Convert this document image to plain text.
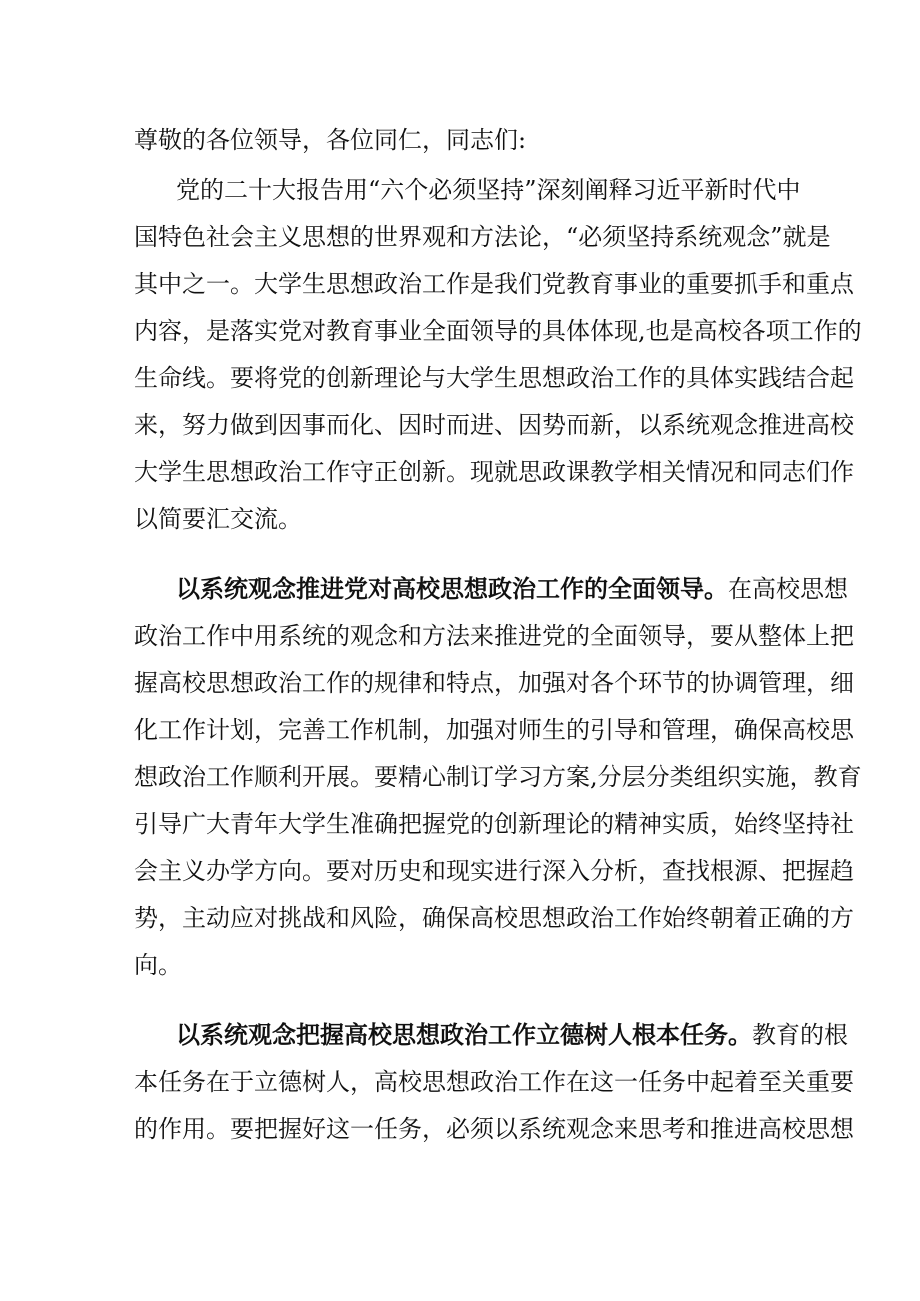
尊敬的各位领导，各位同仁，同志们:
党的二十大报告用“六个必须坚持”深刻阐释习近平新时代中
国特色社会主义思想的世界观和方法论，“必须坚持系统观念”就是
其中之一。大学生思想政治工作是我们党教育事业的重要抓手和重点
内容，是落实党对教育事业全面领导的具体体现,也是高校各项工作的
生命线。要将党的创新理论与大学生思想政治工作的具体实践结合起
来，努力做到因事而化、因时而进、因势而新，以系统观念推进高校
大学生思想政治工作守正创新。现就思政课教学相关情况和同志们作
以简要汇交流。
以系统观念推进党对高校思想政治工作的全面领导。在高校思想
政治工作中用系统的观念和方法来推进党的全面领导，要从整体上把
握高校思想政治工作的规律和特点，加强对各个环节的协调管理，细
化工作计划，完善工作机制，加强对师生的引导和管理，确保高校思
想政治工作顺利开展。要精心制订学习方案,分层分类组织实施，教育
引导广大青年大学生准确把握党的创新理论的精神实质，始终坚持社
会主义办学方向。要对历史和现实进行深入分析，查找根源、把握趋
势，主动应对挑战和风险，确保高校思想政治工作始终朝着正确的方
向。
以系统观念把握高校思想政治工作立德树人根本任务。教育的根
本任务在于立德树人，高校思想政治工作在这一任务中起着至关重要
的作用。要把握好这一任务，必须以系统观念来思考和推进高校思想
